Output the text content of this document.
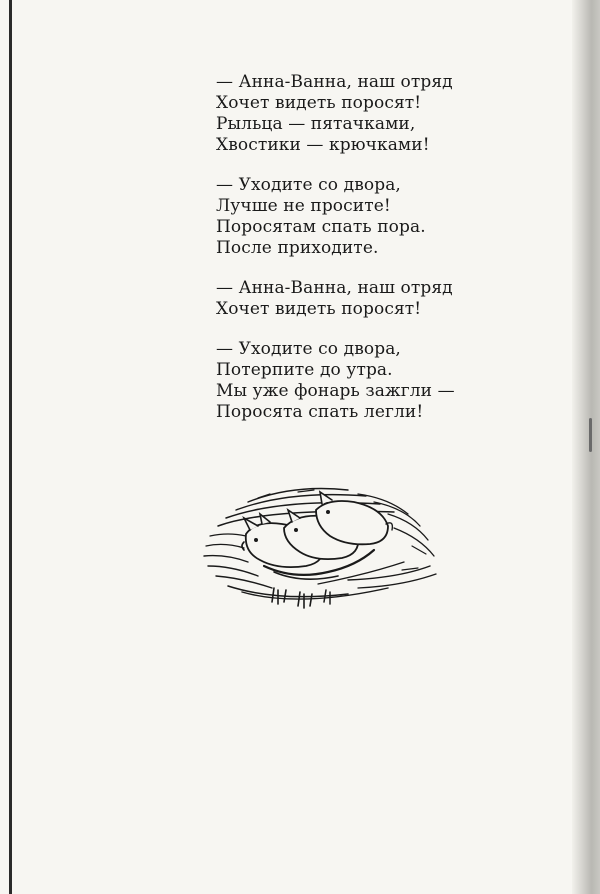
— Анна-Ванна, наш отряд
Хочет видеть поросят!
Рыльца — пятачками,
Хвостики — крючками!
— Уходите со двора,
Лучше не просите!
Поросятам спать пора.
После приходите.
— Анна-Ванна, наш отряд
Хочет видеть поросят!
— Уходите со двора,
Потерпите до утра.
Мы уже фонарь зажгли —
Поросята спать легли!
